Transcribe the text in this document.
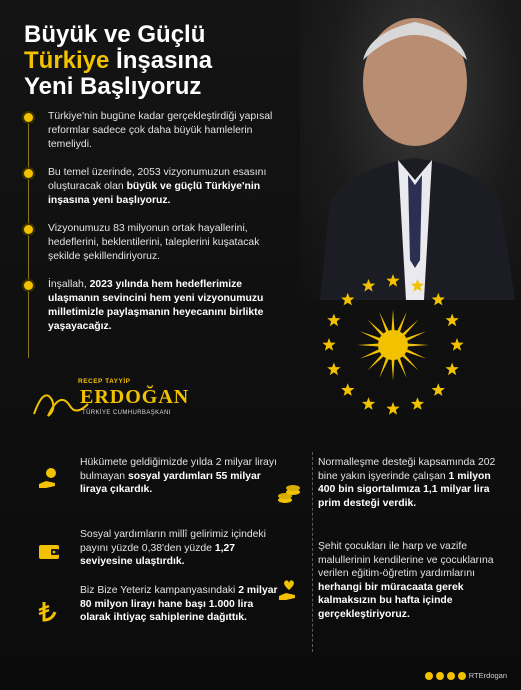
Büyük ve Güçlü
Türkiye İnşasına
Yeni Başlıyoruz
Türkiye'nin bugüne kadar gerçekleştirdiği yapısal reformlar sadece çok daha büyük hamlelerin temeliydi.
Bu temel üzerinde, 2053 vizyonumuzun esasını oluşturacak olan büyük ve güçlü Türkiye'nin inşasına yeni başlıyoruz.
Vizyonumuzu 83 milyonun ortak hayallerini, hedeflerini, beklentilerini, taleplerini kuşatacak şekilde şekillendiriyoruz.
İnşallah, 2023 yılında hem hedeflerimize ulaşmanın sevincini hem yeni vizyonumuzu milletimizle paylaşmanın heyecanını birlikte yaşayacağız.
RECEP TAYYİP
ERDOĞAN
TÜRKİYE CUMHURBAŞKANI
Hükümete geldiğimizde yılda 2 milyar lirayı bulmayan sosyal yardımları 55 milyar liraya çıkardık.
Sosyal yardımların millî gelirimiz içindeki payını yüzde 0,38'den yüzde 1,27 seviyesine ulaştırdık.
Biz Bize Yeteriz kampanyasındaki 2 milyar 80 milyon lirayı hane başı 1.000 lira olarak ihtiyaç sahiplerine dağıttık.
Normalleşme desteği kapsamında 202 bine yakın işyerinde çalışan 1 milyon 400 bin sigortalımıza 1,1 milyar lira prim desteği verdik.
Şehit çocukları ile harp ve vazife malullerinin kendilerine ve çocuklarına verilen eğitim-öğretim yardımlarını herhangi bir müracaata gerek kalmaksızın bu hafta içinde gerçekleştiriyoruz.
RTErdogan
